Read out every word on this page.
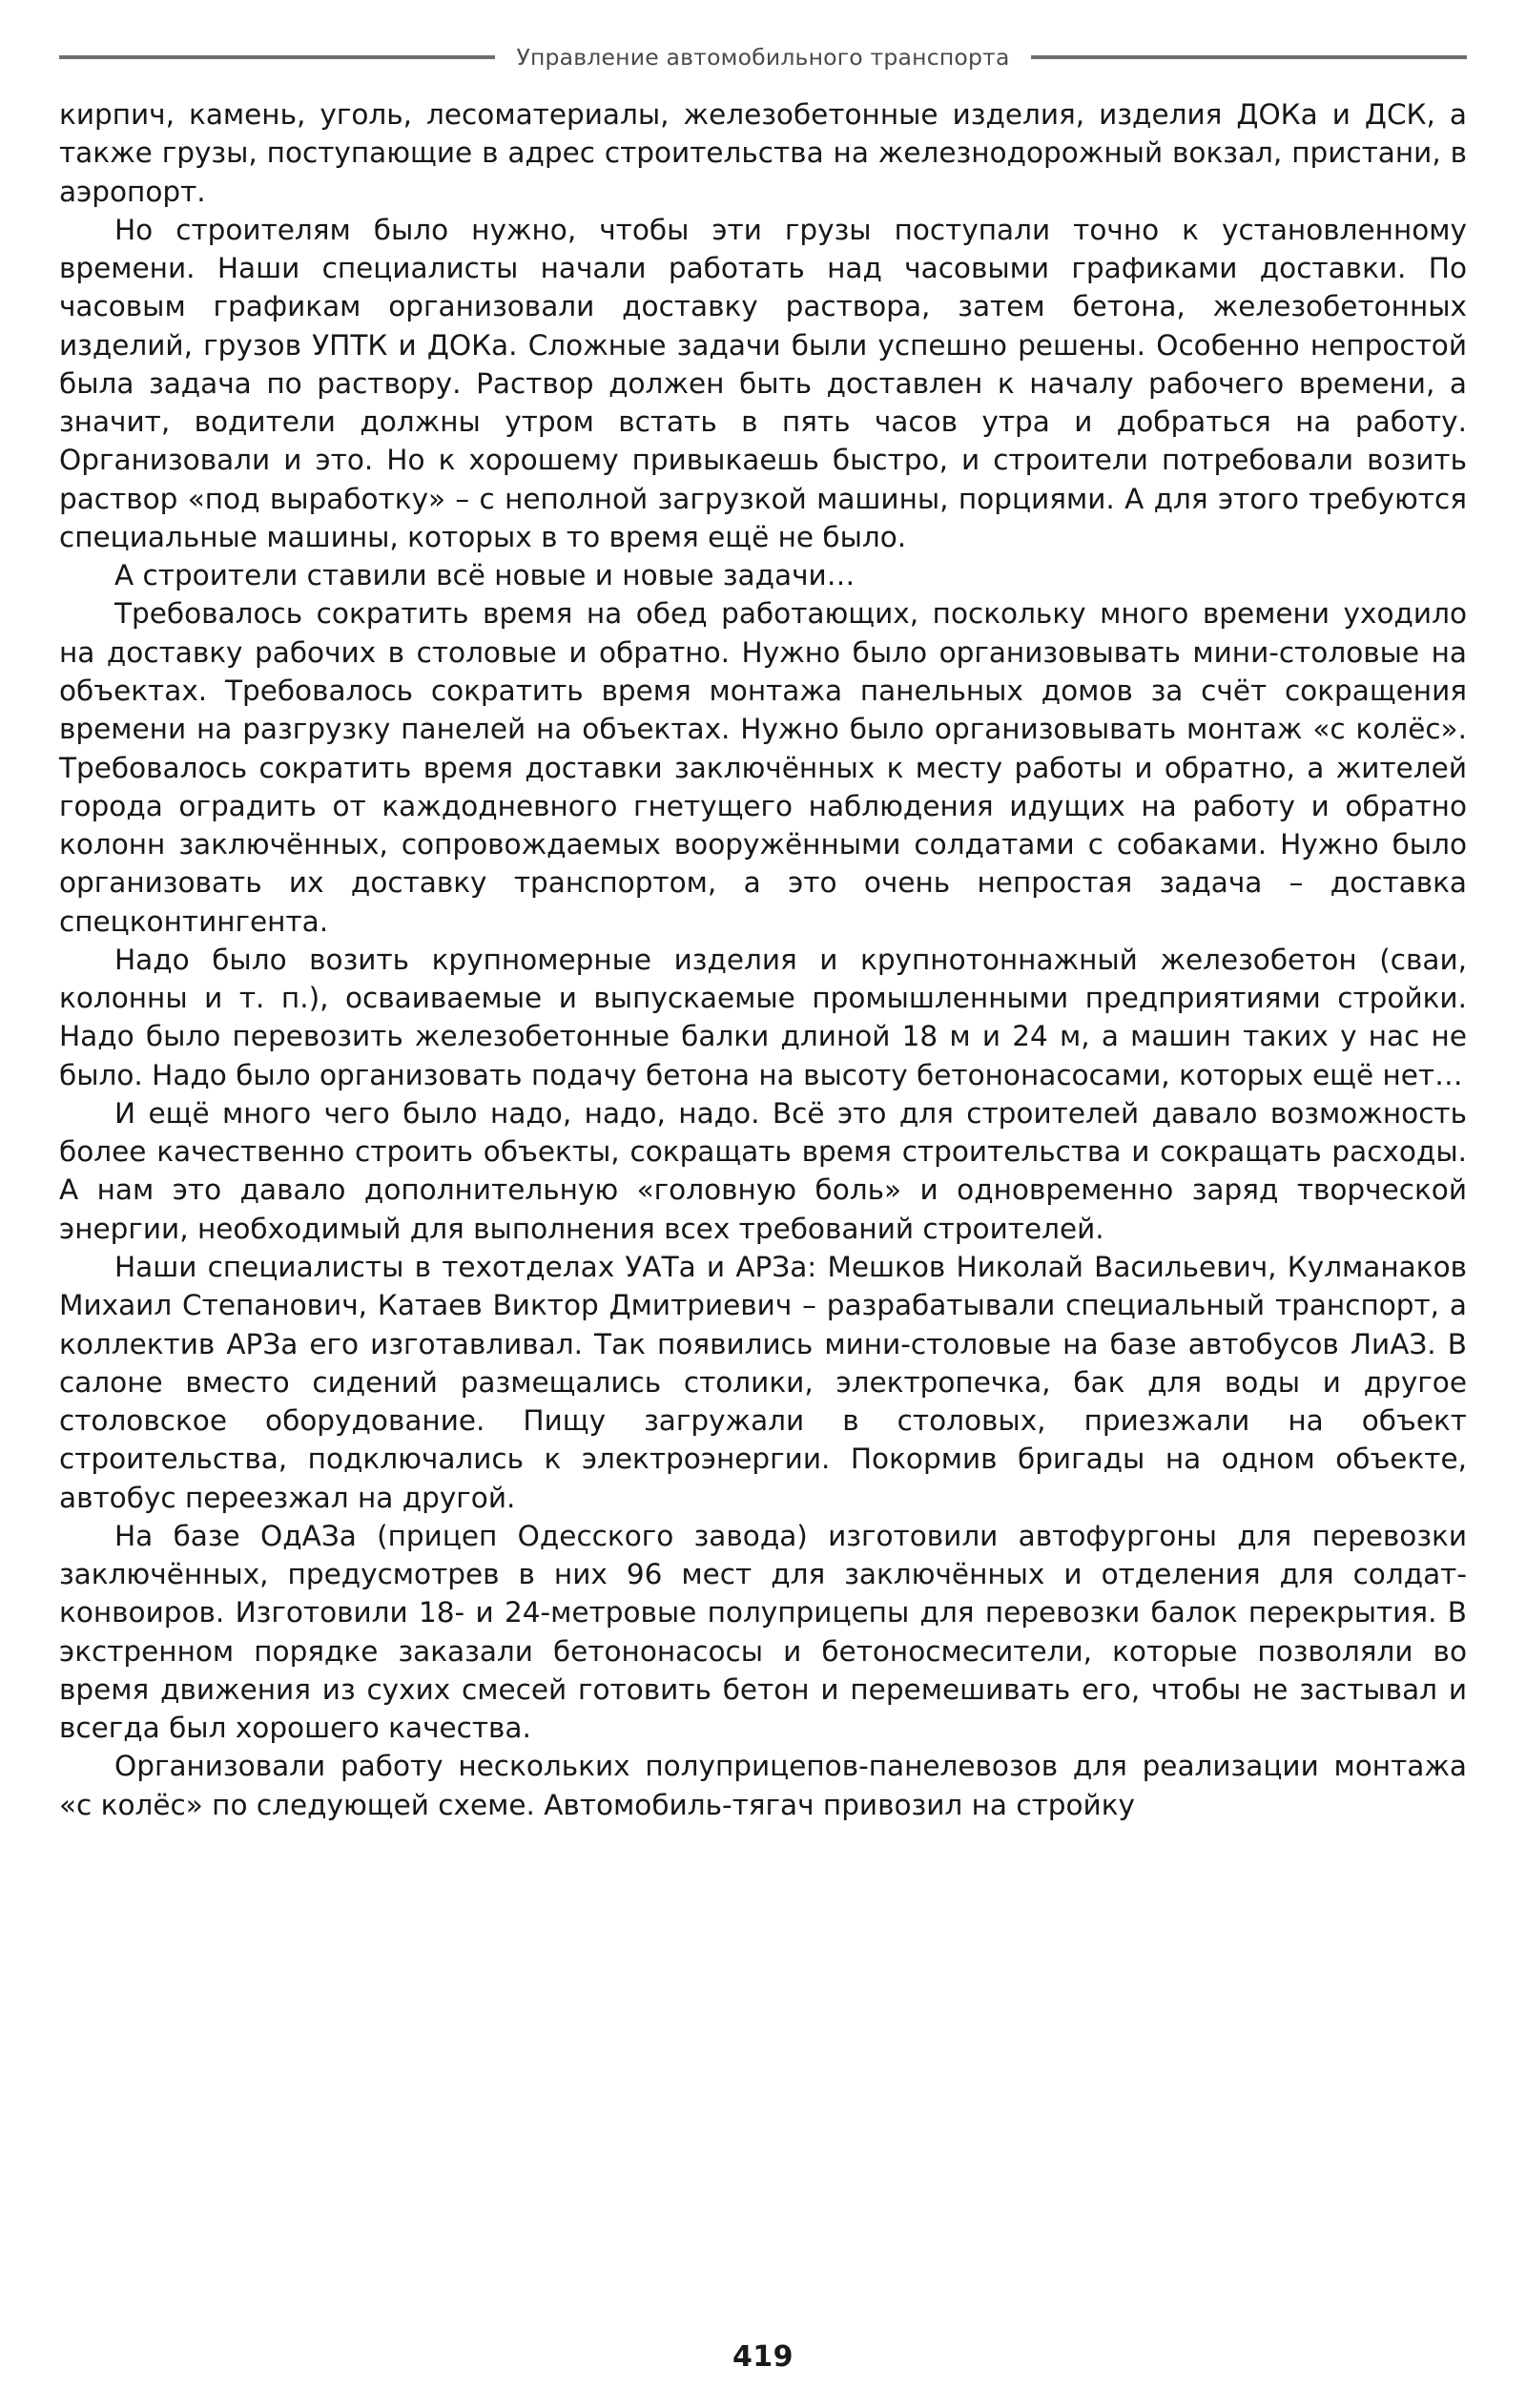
Управление автомобильного транспорта

кирпич, камень, уголь, лесоматериалы, железобетонные изделия, изделия ДОКа и ДСК, а также грузы, поступающие в адрес строительства на железнодорожный вокзал, пристани, в аэропорт.

Но строителям было нужно, чтобы эти грузы поступали точно к установленному времени. Наши специалисты начали работать над часовыми графиками доставки. По часовым графикам организовали доставку раствора, затем бетона, железобетонных изделий, грузов УПТК и ДОКа. Сложные задачи были успешно решены. Особенно непростой была задача по раствору. Раствор должен быть доставлен к началу рабочего времени, а значит, водители должны утром встать в пять часов утра и добраться на работу. Организовали и это. Но к хорошему привыкаешь быстро, и строители потребовали возить раствор «под выработку» – с неполной загрузкой машины, порциями. А для этого требуются специальные машины, которых в то время ещё не было.

А строители ставили всё новые и новые задачи…

Требовалось сократить время на обед работающих, поскольку много времени уходило на доставку рабочих в столовые и обратно. Нужно было организовывать мини-столовые на объектах. Требовалось сократить время монтажа панельных домов за счёт сокращения времени на разгрузку панелей на объектах. Нужно было организовывать монтаж «с колёс». Требовалось сократить время доставки заключённых к месту работы и обратно, а жителей города оградить от каждодневного гнетущего наблюдения идущих на работу и обратно колонн заключённых, сопровождаемых вооружёнными солдатами с собаками. Нужно было организовать их доставку транспортом, а это очень непростая задача – доставка спецконтингента.

Надо было возить крупномерные изделия и крупнотоннажный железобетон (сваи, колонны и т. п.), осваиваемые и выпускаемые промышленными предприятиями стройки. Надо было перевозить железобетонные балки длиной 18 м и 24 м, а машин таких у нас не было. Надо было организовать подачу бетона на высоту бетононасосами, которых ещё нет…

И ещё много чего было надо, надо, надо. Всё это для строителей давало возможность более качественно строить объекты, сокращать время строительства и сокращать расходы. А нам это давало дополнительную «головную боль» и одновременно заряд творческой энергии, необходимый для выполнения всех требований строителей.

Наши специалисты в техотделах УАТа и АРЗа: Мешков Николай Васильевич, Кулманаков Михаил Степанович, Катаев Виктор Дмитриевич – разрабатывали специальный транспорт, а коллектив АРЗа его изготавливал. Так появились мини-столовые на базе автобусов ЛиАЗ. В салоне вместо сидений размещались столики, электропечка, бак для воды и другое столовское оборудование. Пищу загружали в столовых, приезжали на объект строительства, подключались к электроэнергии. Покормив бригады на одном объекте, автобус переезжал на другой.

На базе ОдАЗа (прицеп Одесского завода) изготовили автофургоны для перевозки заключённых, предусмотрев в них 96 мест для заключённых и отделения для солдат-конвоиров. Изготовили 18- и 24-метровые полуприцепы для перевозки балок перекрытия. В экстренном порядке заказали бетононасосы и бетоносмесители, которые позволяли во время движения из сухих смесей готовить бетон и перемешивать его, чтобы не застывал и всегда был хорошего качества.

Организовали работу нескольких полуприцепов-панелевозов для реализации монтажа «с колёс» по следующей схеме. Автомобиль-тягач привозил на стройку

419
